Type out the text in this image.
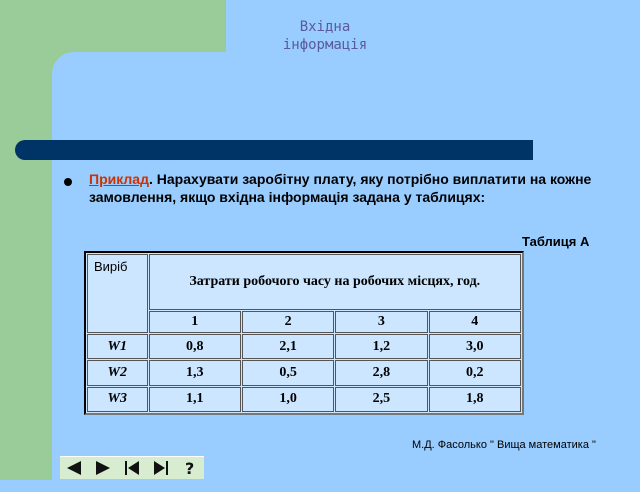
Вхідна
інформація
Приклад. Нарахувати заробітну плату, яку потрібно виплатити на кожне замовлення, якщо вхідна інформація задана у таблицях:
Таблиця А
Виріб	Затрати робочого часу на робочих місцях, год.			
	1	2	3	4
W1	0,8	2,1	1,2	3,0
W2	1,3	0,5	2,8	0,2
W3	1,1	1,0	2,5	1,8
М.Д. Фасолько " Вища математика "
?
